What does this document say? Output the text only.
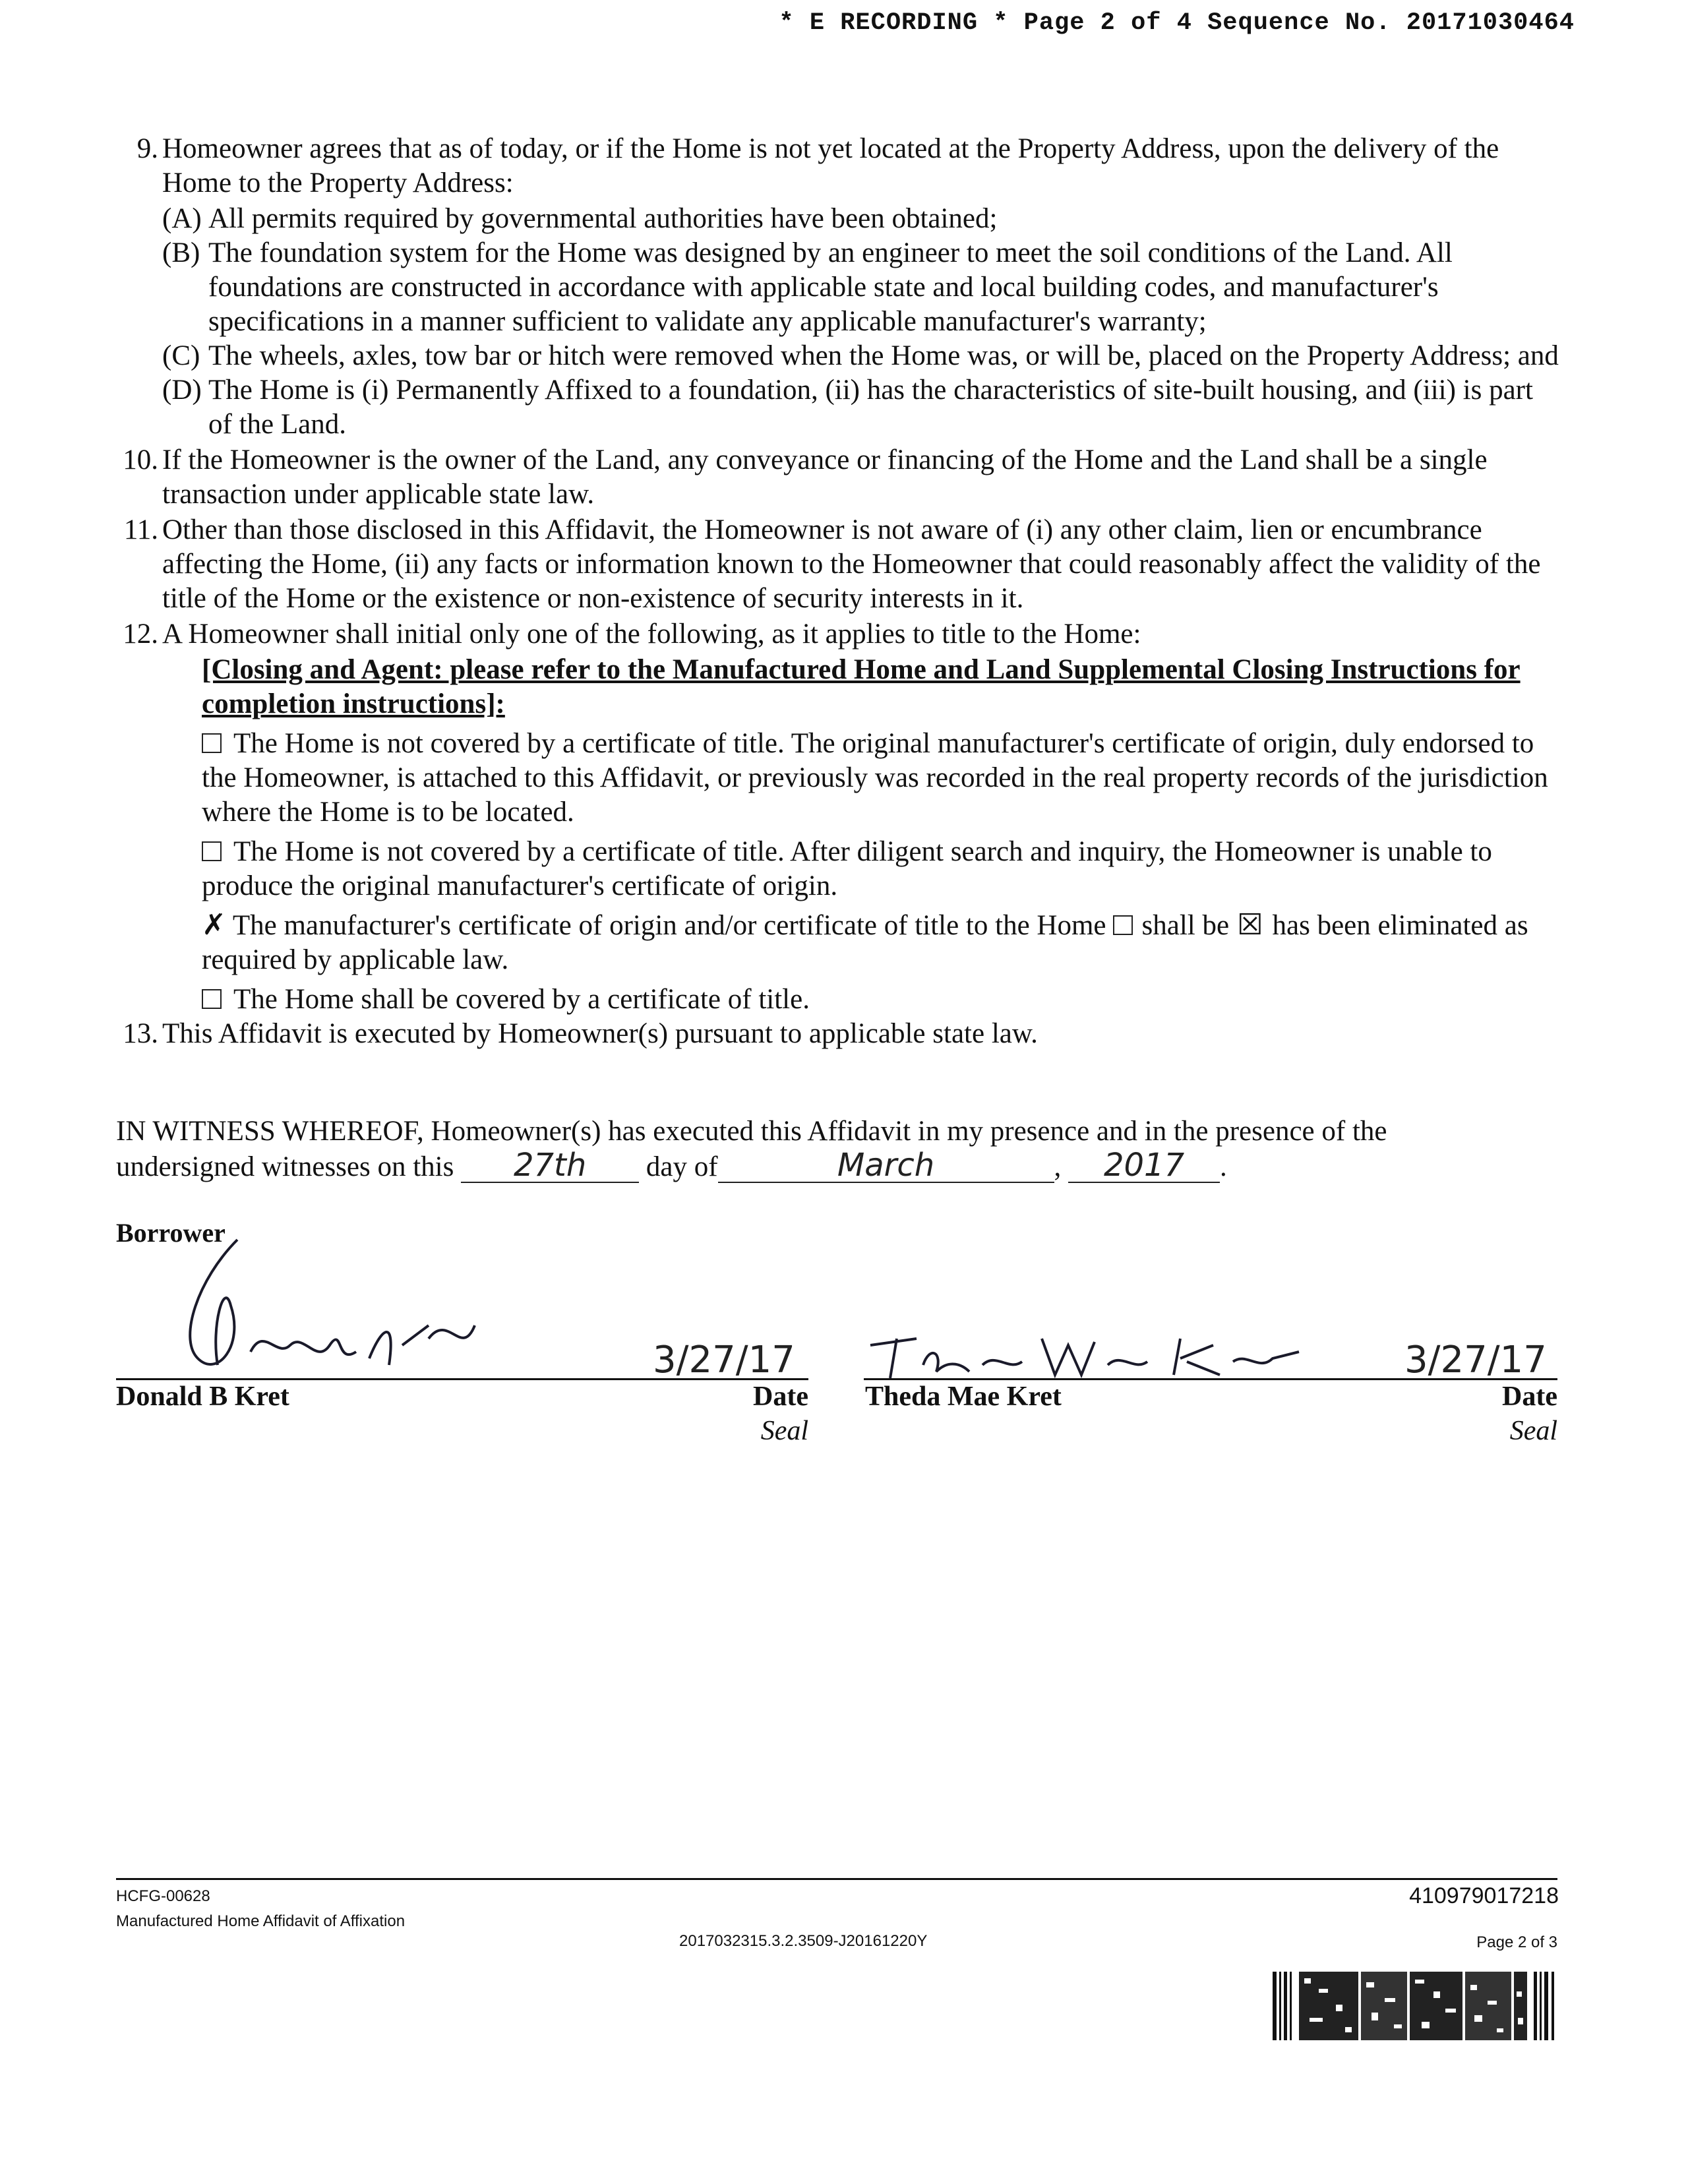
* E RECORDING * Page 2 of 4 Sequence No. 20171030464
9. Homeowner agrees that as of today, or if the Home is not yet located at the Property Address, upon the delivery of the Home to the Property Address:
(A) All permits required by governmental authorities have been obtained;
(B) The foundation system for the Home was designed by an engineer to meet the soil conditions of the Land. All foundations are constructed in accordance with applicable state and local building codes, and manufacturer's specifications in a manner sufficient to validate any applicable manufacturer's warranty;
(C) The wheels, axles, tow bar or hitch were removed when the Home was, or will be, placed on the Property Address; and
(D) The Home is (i) Permanently Affixed to a foundation, (ii) has the characteristics of site-built housing, and (iii) is part of the Land.
10. If the Homeowner is the owner of the Land, any conveyance or financing of the Home and the Land shall be a single transaction under applicable state law.
11. Other than those disclosed in this Affidavit, the Homeowner is not aware of (i) any other claim, lien or encumbrance affecting the Home, (ii) any facts or information known to the Homeowner that could reasonably affect the validity of the title of the Home or the existence or non-existence of security interests in it.
12. A Homeowner shall initial only one of the following, as it applies to title to the Home:
[Closing and Agent: please refer to the Manufactured Home and Land Supplemental Closing Instructions for completion instructions]:
The Home is not covered by a certificate of title. The original manufacturer's certificate of origin, duly endorsed to the Homeowner, is attached to this Affidavit, or previously was recorded in the real property records of the jurisdiction where the Home is to be located.
The Home is not covered by a certificate of title. After diligent search and inquiry, the Homeowner is unable to produce the original manufacturer's certificate of origin.
✗ The manufacturer's certificate of origin and/or certificate of title to the Home shall be ☒ has been eliminated as required by applicable law.
The Home shall be covered by a certificate of title.
13. This Affidavit is executed by Homeowner(s) pursuant to applicable state law.
IN WITNESS WHEREOF, Homeowner(s) has executed this Affidavit in my presence and in the presence of the
undersigned witnesses on this 27th day of	March	, 2017 .
Borrower
3/27/17
Donald B Kret	Date
Seal
3/27/17
Theda Mae Kret	Date
Seal
HCFG-00628
Manufactured Home Affidavit of Affixation
2017032315.3.2.3509-J20161220Y
410979017218
Page 2 of 3
